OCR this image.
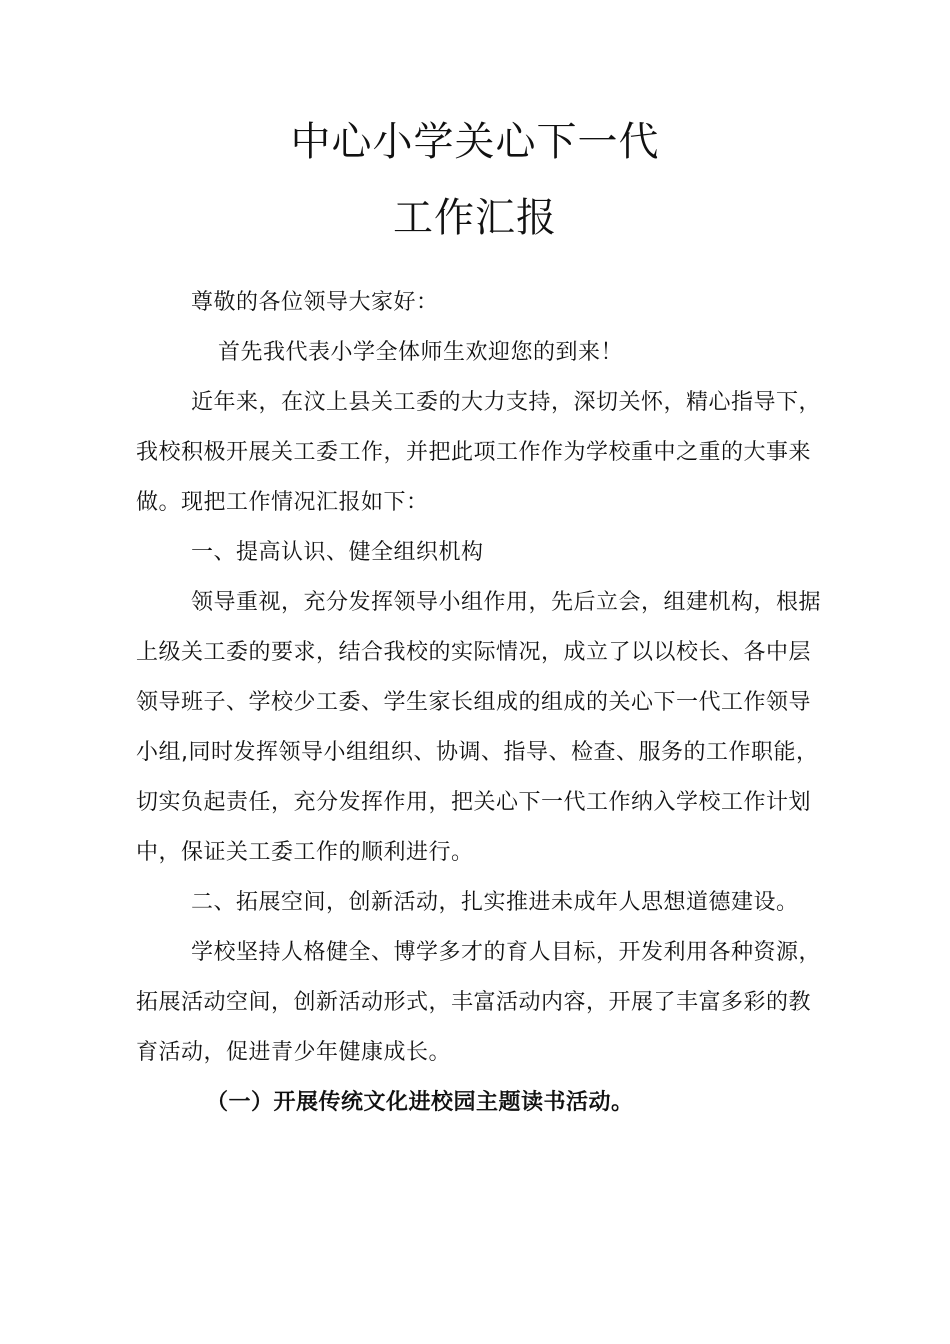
中心小学关心下一代
工作汇报

尊敬的各位领导大家好：

首先我代表小学全体师生欢迎您的到来！

近年来，在汶上县关工委的大力支持，深切关怀，精心指导下，我校积极开展关工委工作，并把此项工作作为学校重中之重的大事来做。现把工作情况汇报如下：

一、提高认识、健全组织机构

领导重视，充分发挥领导小组作用，先后立会，组建机构，根据上级关工委的要求，结合我校的实际情况，成立了以以校长、各中层领导班子、学校少工委、学生家长组成的组成的关心下一代工作领导小组,同时发挥领导小组组织、协调、指导、检查、服务的工作职能，切实负起责任，充分发挥作用，把关心下一代工作纳入学校工作计划中，保证关工委工作的顺利进行。

二、拓展空间，创新活动，扎实推进未成年人思想道德建设。

学校坚持人格健全、博学多才的育人目标，开发利用各种资源，拓展活动空间，创新活动形式，丰富活动内容，开展了丰富多彩的教育活动，促进青少年健康成长。

（一）开展传统文化进校园主题读书活动。
